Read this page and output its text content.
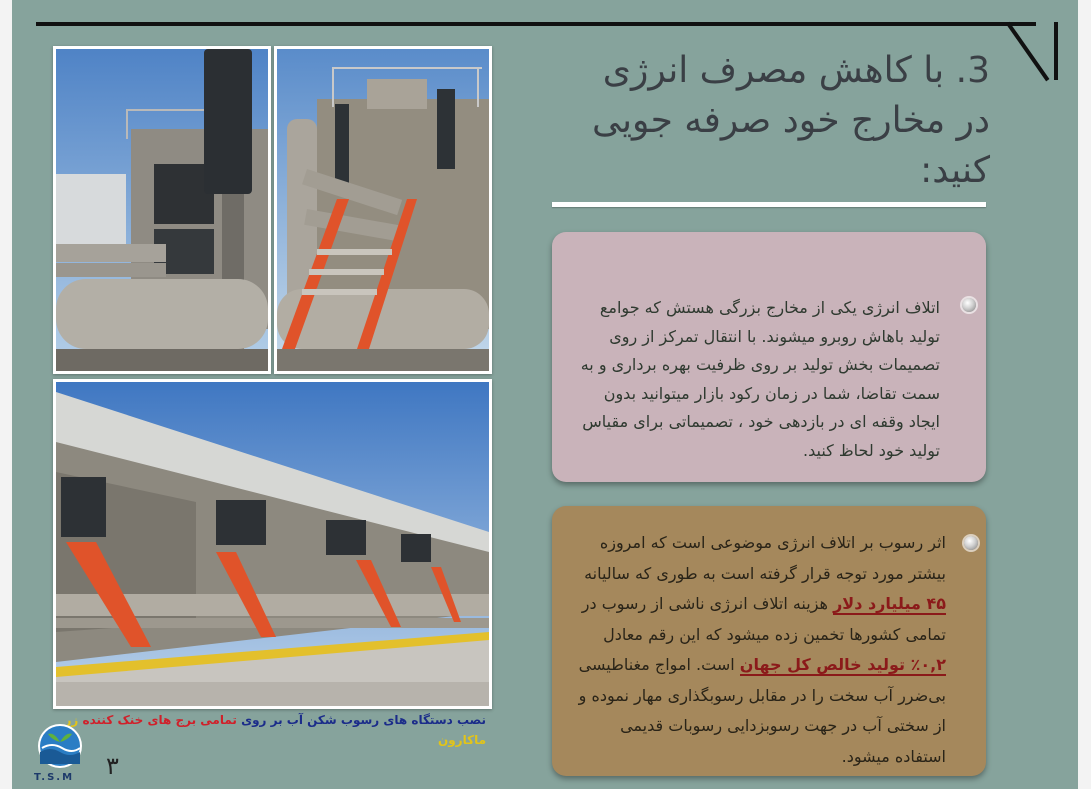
3. با کاهش مصرف انرژی در مخارج خود صرفه جویی کنید:
اتلاف انرژی یکی از مخارج بزرگی هستش که جوامع تولید باهاش روبرو میشوند. با انتقال تمرکز از روی تصمیمات بخش تولید بر روی ظرفیت بهره برداری و به سمت تقاضا، شما در زمان رکود بازار میتوانید بدون ایجاد وقفه ای در بازدهی خود ، تصمیماتی برای مقیاس تولید خود لحاظ کنید.
اثر رسوب بر اتلاف انرژی موضوعی است که امروزه بیشتر مورد توجه قرار گرفته است به طوری که سالیانه ۴۵ میلیارد دلار هزینه اتلاف انرژی ناشی از رسوب در تمامی کشورها تخمین زده میشود که این رقم معادل ۰,۲٪ تولید خالص کل جهان است. امواج مغناطیسی بی‌ضرر آب سخت را در مقابل رسوبگذاری مهار نموده و از سختی آب در جهت رسوبزدایی رسوبات قدیمی استفاده میشود.
نصب دستگاه های رسوب شکن آب بر روی تمامی برج های خنک کننده زر ماکارون
T.S.M	۳
